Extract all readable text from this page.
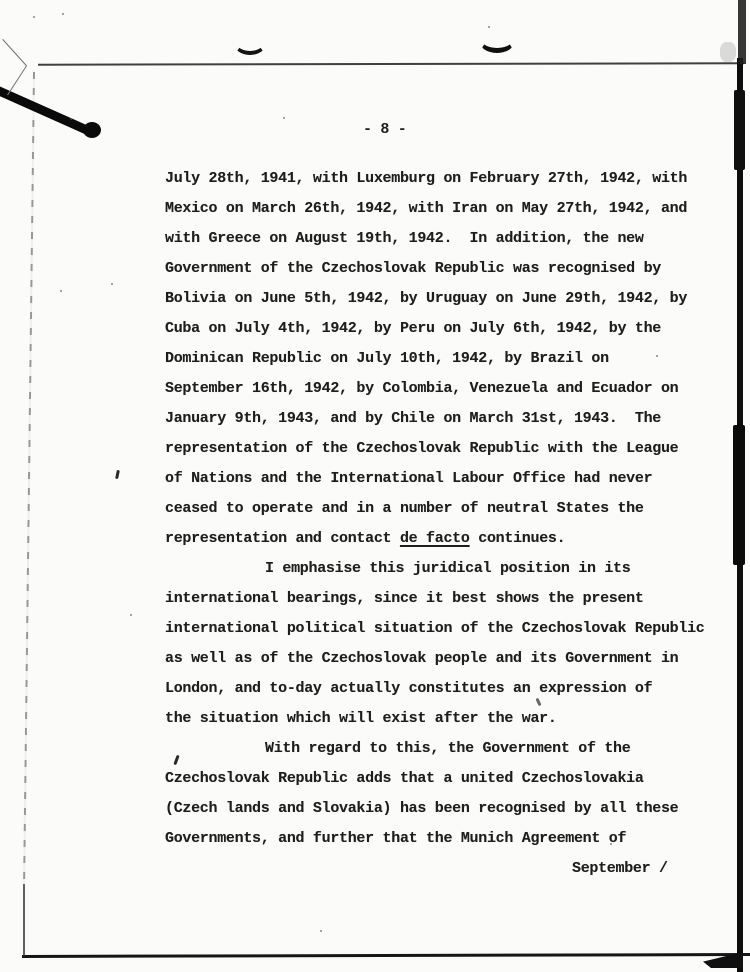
- 8 -
July 28th, 1941, with Luxemburg on February 27th, 1942, with
Mexico on March 26th, 1942, with Iran on May 27th, 1942, and
with Greece on August 19th, 1942.  In addition, the new
Government of the Czechoslovak Republic was recognised by
Bolivia on June 5th, 1942, by Uruguay on June 29th, 1942, by
Cuba on July 4th, 1942, by Peru on July 6th, 1942, by the
Dominican Republic on July 10th, 1942, by Brazil on
September 16th, 1942, by Colombia, Venezuela and Ecuador on
January 9th, 1943, and by Chile on March 31st, 1943.  The
representation of the Czechoslovak Republic with the League
of Nations and the International Labour Office had never
ceased to operate and in a number of neutral States the
representation and contact de facto continues.
I emphasise this juridical position in its
international bearings, since it best shows the present
international political situation of the Czechoslovak Republic
as well as of the Czechoslovak people and its Government in
London, and to-day actually constitutes an expression of
the situation which will exist after the war.
With regard to this, the Government of the
Czechoslovak Republic adds that a united Czechoslovakia
(Czech lands and Slovakia) has been recognised by all these
Governments, and further that the Munich Agreement of
September /
